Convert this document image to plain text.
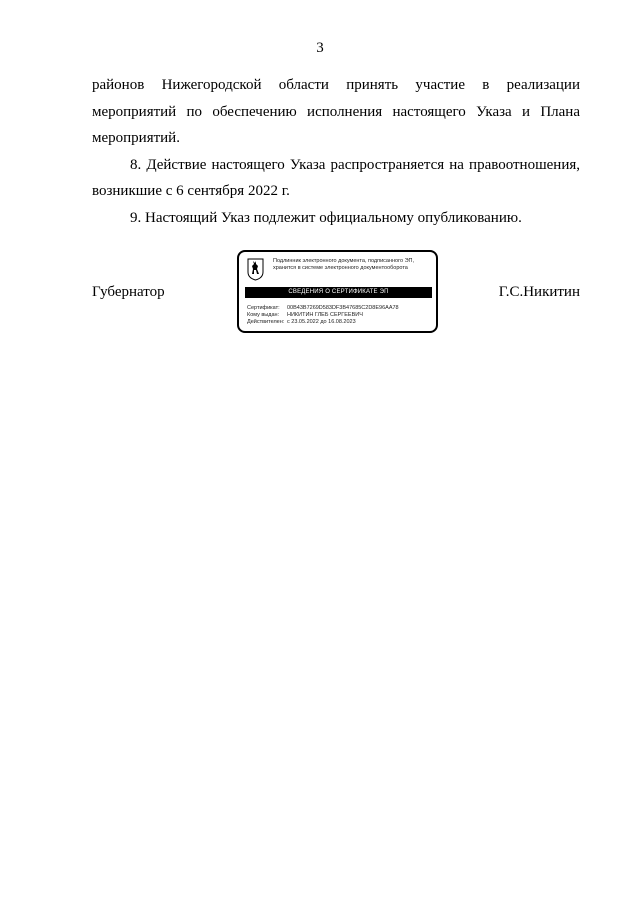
3

районов Нижегородской области принять участие в реализации

мероприятий по обеспечению исполнения настоящего Указа и Плана

мероприятий.

8. Действие настоящего Указа распространяется на правоотношения,

возникшие с 6 сентября 2022 г.

9. Настоящий Указ подлежит официальному опубликованию.

Губернатор	Г.С.Никитин
Подлинник электронного документа, подписанного ЭП,
хранится в системе электронного документооборота
СВЕДЕНИЯ О СЕРТИФИКАТЕ ЭП
Сертификат: 00B43B7269D583DF3B47685C2D8E96AA78
Кому выдан: НИКИТИН ГЛЕБ СЕРГЕЕВИЧ
Действителен: с 23.05.2022 до 16.08.2023
